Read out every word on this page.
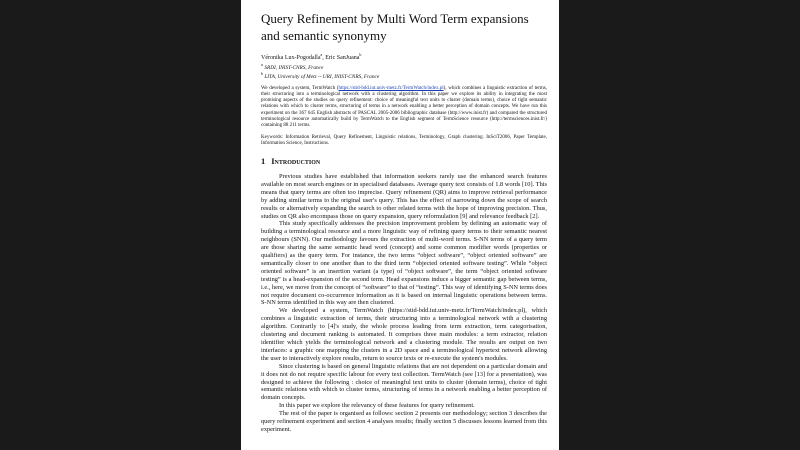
Query Refinement by Multi Word Term expansions and semantic synonymy
Véronika Lux-Pogodalla$^a$, Eric SanJuana$^b$
$^a$ SRDI, INIST-CNRS, France
$^b$ LITA, University of Metz -- URI, INIST-CNRS, France
We developed a system, TermWatch (https://stid-bdd.iut.univ-metz.fr/TermWatch/index.pl), which combines a linguistic extraction of terms, their structuring into a terminological network with a clustering algorithm. In this paper we explore its ability in integrating the most promising aspects of the studies on query refinement: choice of meaningful text units to cluster (domain terms), choice of tight semantic relations with which to cluster terms, structuring of terms in a network enabling a better perception of domain concepts. We have run this experiment on the 367 645 English abstracts of PASCAL 2005-2006 bibliographic database (http://www.inist.fr) and compared the structured terminological resource automatically build by TermWatch to the English segment of TermScience resource (http://termsciences.inist.fr/) containing 88 211 terms.
Keywords: Information Retrieval, Query Refinement, Linguistic relations, Terminology, Graph clustering. InSciT2006, Paper Template, Information Science, Instructions.
1 Introduction

Previous studies have established that information seekers rarely use the enhanced search features available on most search engines or in specialised databases. Average query text consists of 1.8 words [10]. This means that query terms are often too imprecise. Query refinement (QR) aims to improve retrieval performance by adding similar terms to the original user's query. This has the effect of narrowing down the scope of search results or alternatively expanding the search to other related terms with the hope of improving precision. Thus, studies on QR also encompass those on query expansion, query reformulation [9] and relevance feedback [2].

This study specifically addresses the precision improvement problem by defining an automatic way of building a terminological resource and a more linguistic way of refining query terms to their semantic nearest neighbours (SNN). Our methodology favours the extraction of multi-word terms. S-NN terms of a query term are those sharing the same semantic head word (concept) and some common modifier words (properties or qualifiers) as the query term. For instance, the two terms “object software”, “object oriented software” are semantically closer to one another than to the third term “objected oriented software testing”. While “object oriented software” is an insertion variant (a type) of “object software”, the term “object oriented software testing” is a head-expansion of the second term. Head expansions induce a bigger semantic gap between terms, i.e., here, we move from the concept of “software” to that of “testing”. This way of identifying S-NN terms does not require document co-occurrence information as it is based on internal linguistic operations between terms. S-NN terms identified in this way are then clustered.

We developed a system, TermWatch (https://stid-bdd.iut.univ-metz.fr/TermWatch/index.pl), which combines a linguistic extraction of terms, their structuring into a terminological network with a clustering algorithm. Contrarily to [4]'s study, the whole process leading from term extraction, term categorisation, clustering and document ranking is automated. It comprises three main modules: a term extractor, relation identifier which yields the terminological network and a clustering module. The results are output on two interfaces: a graphic one mapping the clusters in a 2D space and a terminological hypertext network allowing the user to interactively explore results, return to source texts or re-execute the system's modules.

Since clustering is based on general linguistic relations that are not dependent on a particular domain and it does not do not require specific labour for every text collection. TermWatch (see [13] for a presentation), was designed to achieve the following : choice of meaningful text units to cluster (domain terms), choice of tight semantic relations with which to cluster terms, structuring of terms in a network enabling a better perception of domain concepts.

In this paper we explore the relevancy of these features for query refinement.

The rest of the paper is organised as follows: section 2 presents our methodology; section 3 describes the query refinement experiment and section 4 analyses results; finally section 5 discusses lessons learned from this experiment.
